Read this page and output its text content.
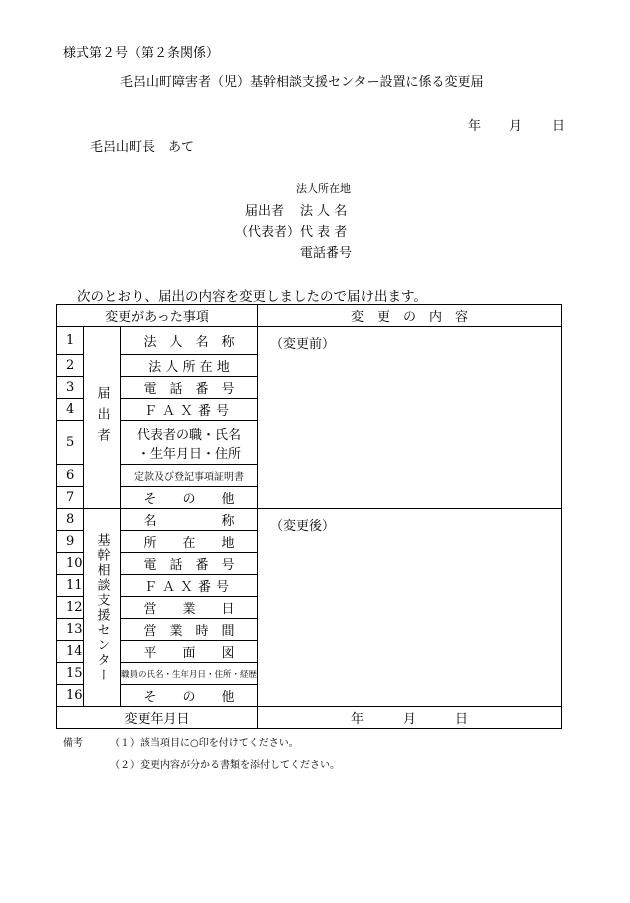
様式第２号（第２条関係）
毛呂山町障害者（児）基幹相談支援センター設置に係る変更届
年 月 日
毛呂山町長　あて
法人所在地
届出者 法 人 名
（代表者） 代 表 者
電話番号
次のとおり、届出の内容を変更しましたので届け出ます。
変更があった事項			変　更　の　内　容
1	届出者	法　人　名　称	（変更前）
2		法 人 所 在 地	
3		電　話　番　号	
4		ＦＡＸ番号	
5		代表者の職・氏名
・生年月日・住所	

6		定款及び登記事項証明書	
7		そ　　の　　他	
8	基幹相談支援センター	名　　　　　称	（変更後）
9		所　　在　　地	
10		電　話　番　号	
11		ＦＡＸ番号	
12		営　　業　　日	
13		営　業　時　間	
14		平　　面　　図	
15		職員の氏名・生年月日・住所・経歴	
16		そ　　の　　他	
変更年月日			年　　　月　　　日
備考	（１）該当項目に○印を付けてください。
（２）変更内容が分かる書類を添付してください。
